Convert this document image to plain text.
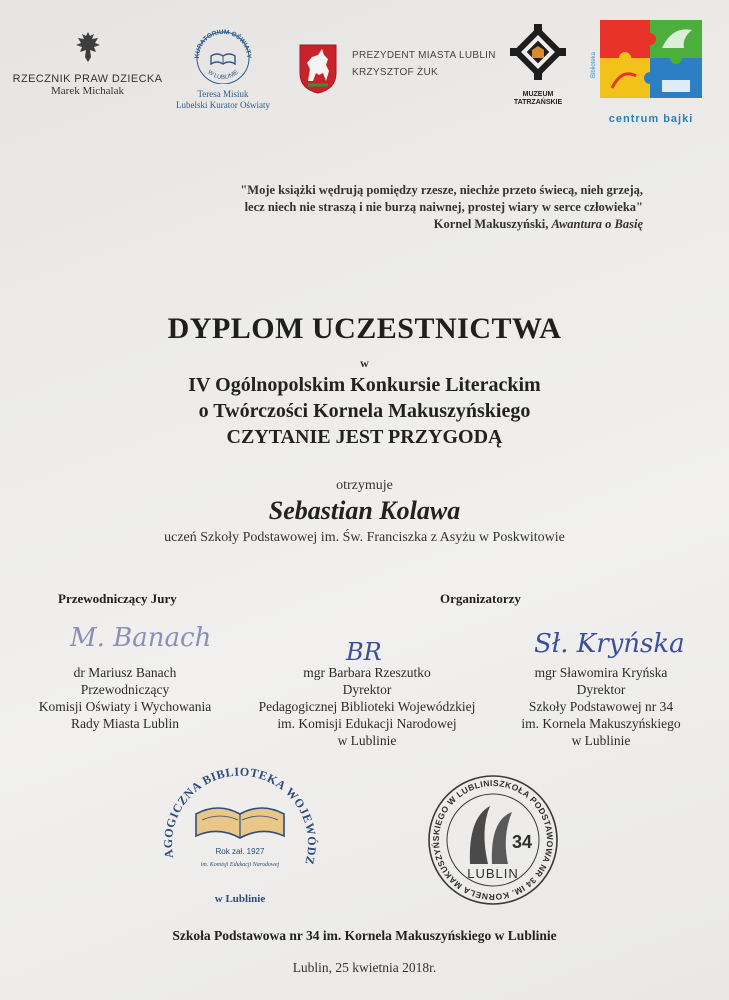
RZECZNIK PRAW DZIECKA
Marek Michalak
KURATORIUM OŚWIATY
W LUBLINIE
Teresa Misiuk
Lubelski Kurator Oświaty
PREZYDENT MIASTA LUBLIN
KRZYSZTOF ŻUK
MUZEUM
TATRZAŃSKIE
Biblioteka
centrum bajki
"Moje książki wędrują pomiędzy rzesze, niechże przeto świecą, nieh grzeją,
lecz niech nie straszą i nie burzą naiwnej, prostej wiary w serce człowieka"
Kornel Makuszyński, Awantura o Basię
DYPLOM UCZESTNICTWA
w
IV Ogólnopolskim Konkursie Literackim
o Twórczości Kornela Makuszyńskiego
CZYTANIE JEST PRZYGODĄ
otrzymuje
Sebastian Kolawa
uczeń Szkoły Podstawowej im. Św. Franciszka z Asyżu w Poskwitowie
Przewodniczący Jury	Organizatorzy
M. Banach	BR	Sł. Kryńska
dr Mariusz Banach
Przewodniczący
Komisji Oświaty i Wychowania
Rady Miasta Lublin
mgr Barbara Rzeszutko
Dyrektor
Pedagogicznej Biblioteki Wojewódzkiej
im. Komisji Edukacji Narodowej
w Lublinie
mgr Sławomira Kryńska
Dyrektor
Szkoły Podstawowej nr 34
im. Kornela Makuszyńskiego
w Lublinie
AGOGICZNA BIBLIOTEKA WOJEWÓDZ
Rok zał. 1927
im. Komisji Edukacji Narodowej
w Lublinie
SZKOŁA PODSTAWOWA NR 34 IM. KORNELA MAKUSZYŃSKIEGO W LUBLINI
34
LUBLIN
Szkoła Podstawowa nr 34 im. Kornela Makuszyńskiego w Lublinie
Lublin, 25 kwietnia 2018r.
